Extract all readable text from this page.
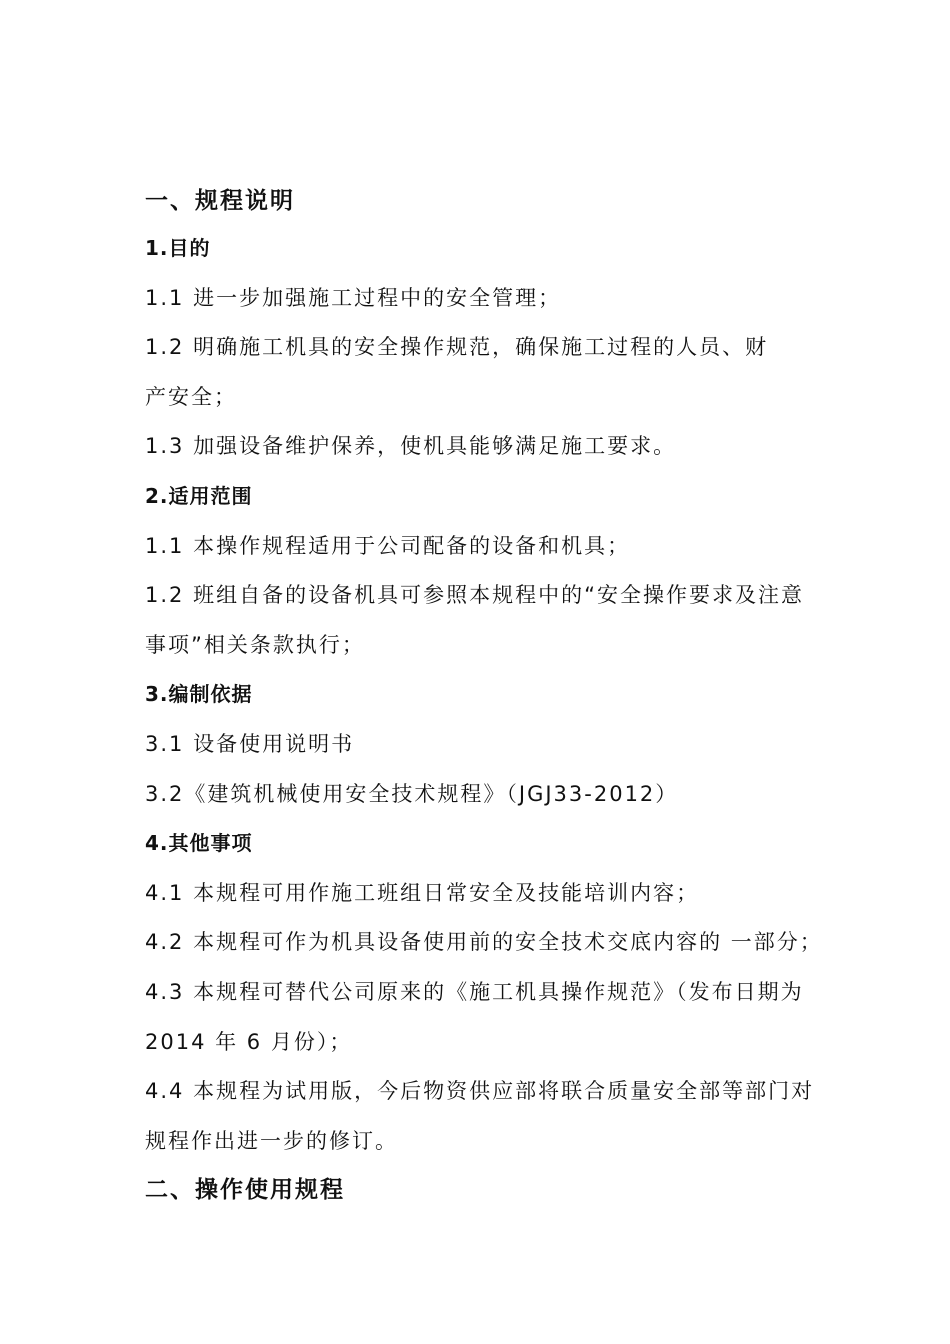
一、规程说明
1.目的
1.1 进一步加强施工过程中的安全管理；
1.2 明确施工机具的安全操作规范，确保施工过程的人员、财
产安全；
1.3 加强设备维护保养，使机具能够满足施工要求。
2.适用范围
1.1 本操作规程适用于公司配备的设备和机具；
1.2 班组自备的设备机具可参照本规程中的“安全操作要求及注意
事项”相关条款执行；
3.编制依据
3.1 设备使用说明书
3.2《建筑机械使用安全技术规程》（JGJ33-2012）
4.其他事项
4.1 本规程可用作施工班组日常安全及技能培训内容；
4.2 本规程可作为机具设备使用前的安全技术交底内容的 一部分；
4.3 本规程可替代公司原来的《施工机具操作规范》（发布日期为
2014 年 6 月份）；
4.4 本规程为试用版，今后物资供应部将联合质量安全部等部门对
规程作出进一步的修订。
二、操作使用规程
